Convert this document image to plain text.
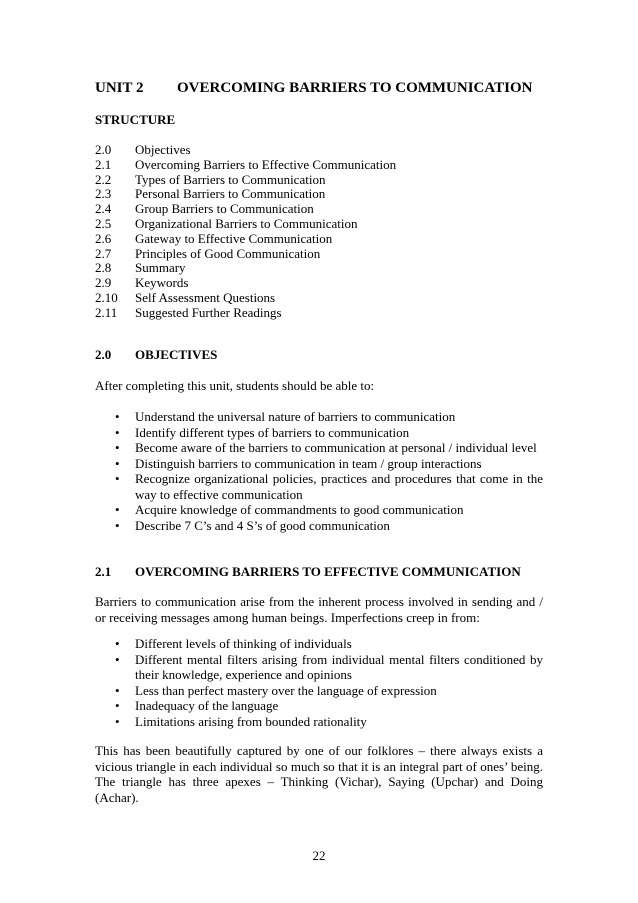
UNIT 2 OVERCOMING BARRIERS TO COMMUNICATION
STRUCTURE
2.0 Objectives
2.1 Overcoming Barriers to Effective Communication
2.2 Types of Barriers to Communication
2.3 Personal Barriers to Communication
2.4 Group Barriers to Communication
2.5 Organizational Barriers to Communication
2.6 Gateway to Effective Communication
2.7 Principles of Good Communication
2.8 Summary
2.9 Keywords
2.10 Self Assessment Questions
2.11 Suggested Further Readings
2.0 OBJECTIVES
After completing this unit, students should be able to:
• Understand the universal nature of barriers to communication
• Identify different types of barriers to communication
• Become aware of the barriers to communication at personal / individual level
• Distinguish barriers to communication in team / group interactions
• Recognize organizational policies, practices and procedures that come in the way to effective communication
• Acquire knowledge of commandments to good communication
• Describe 7 C’s and 4 S’s of good communication
2.1 OVERCOMING BARRIERS TO EFFECTIVE COMMUNICATION
Barriers to communication arise from the inherent process involved in sending and / or receiving messages among human beings. Imperfections creep in from:
• Different levels of thinking of individuals
• Different mental filters arising from individual mental filters conditioned by their knowledge, experience and opinions
• Less than perfect mastery over the language of expression
• Inadequacy of the language
• Limitations arising from bounded rationality
This has been beautifully captured by one of our folklores – there always exists a vicious triangle in each individual so much so that it is an integral part of ones’ being. The triangle has three apexes – Thinking (Vichar), Saying (Upchar) and Doing (Achar).
22
